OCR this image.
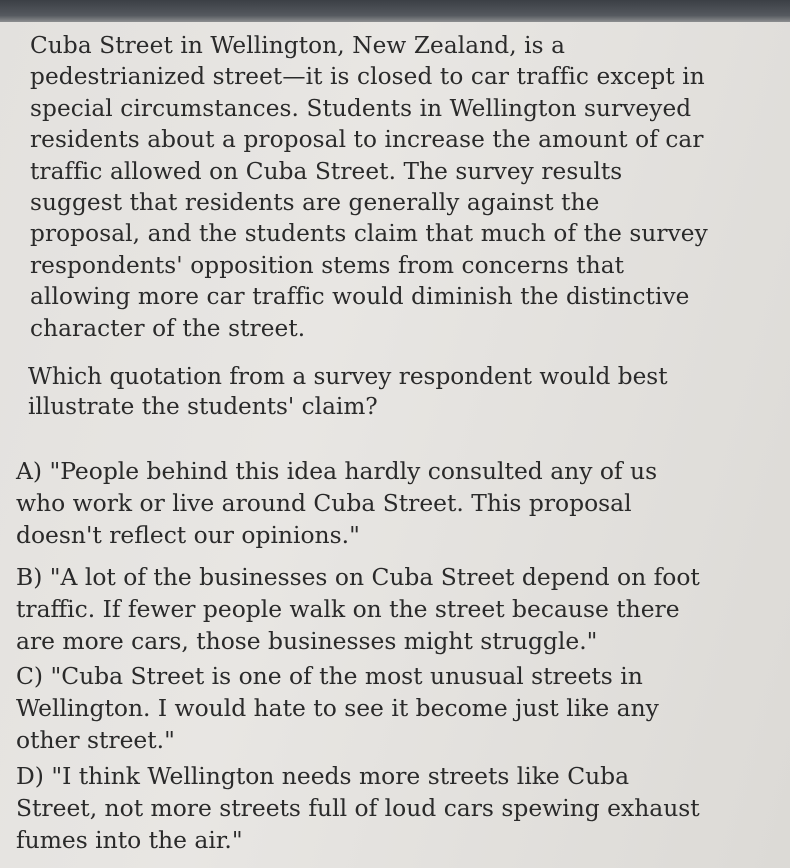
Cuba Street in Wellington, New Zealand, is a
pedestrianized street—it is closed to car traffic except in
special circumstances. Students in Wellington surveyed
residents about a proposal to increase the amount of car
traffic allowed on Cuba Street. The survey results
suggest that residents are generally against the
proposal, and the students claim that much of the survey
respondents' opposition stems from concerns that
allowing more car traffic would diminish the distinctive
character of the street.

Which quotation from a survey respondent would best
illustrate the students' claim?

A) "People behind this idea hardly consulted any of us
who work or live around Cuba Street. This proposal
doesn't reflect our opinions."

B) "A lot of the businesses on Cuba Street depend on foot
traffic. If fewer people walk on the street because there
are more cars, those businesses might struggle."

C) "Cuba Street is one of the most unusual streets in
Wellington. I would hate to see it become just like any
other street."

D) "I think Wellington needs more streets like Cuba
Street, not more streets full of loud cars spewing exhaust
fumes into the air."
